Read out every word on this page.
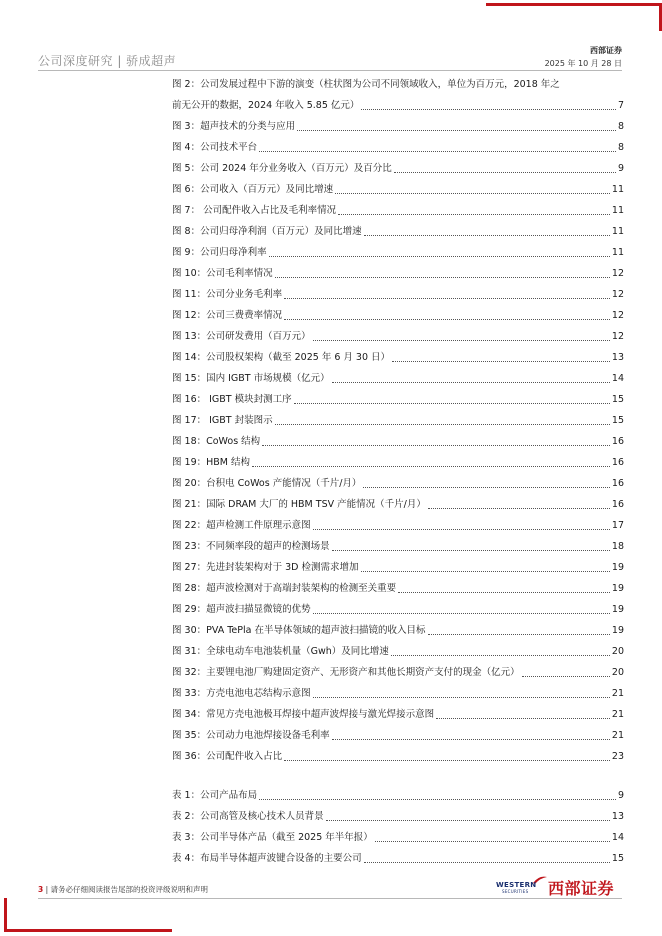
公司深度研究 | 骄成超声
西部证券
2025 年 10 月 28 日
图 2：公司发展过程中下游的演变（柱状图为公司不同领域收入，单位为百万元，2018 年之
前无公开的数据，2024 年收入 5.85 亿元）	7
图 3：超声技术的分类与应用	8
图 4：公司技术平台	8
图 5：公司 2024 年分业务收入（百万元）及百分比	9
图 6：公司收入（百万元）及同比增速	11
图 7： 公司配件收入占比及毛利率情况	11
图 8：公司归母净利润（百万元）及同比增速	11
图 9：公司归母净利率	11
图 10：公司毛利率情况	12
图 11：公司分业务毛利率	12
图 12：公司三费费率情况	12
图 13：公司研发费用（百万元）	12
图 14：公司股权架构（截至 2025 年 6 月 30 日）	13
图 15：国内 IGBT 市场规模（亿元）	14
图 16： IGBT 模块封测工序	15
图 17： IGBT 封装图示	15
图 18：CoWos 结构	16
图 19：HBM 结构	16
图 20：台积电 CoWos 产能情况（千片/月）	16
图 21：国际 DRAM 大厂的 HBM TSV 产能情况（千片/月）	16
图 22：超声检测工件原理示意图	17
图 23：不同频率段的超声的检测场景	18
图 27：先进封装架构对于 3D 检测需求增加	19
图 28：超声波检测对于高端封装架构的检测至关重要	19
图 29：超声波扫描显微镜的优势	19
图 30：PVA TePla 在半导体领域的超声波扫描镜的收入目标	19
图 31：全球电动车电池装机量（Gwh）及同比增速	20
图 32：主要锂电池厂购建固定资产、无形资产和其他长期资产支付的现金（亿元）	20
图 33：方壳电池电芯结构示意图	21
图 34：常见方壳电池极耳焊接中超声波焊接与激光焊接示意图	21
图 35：公司动力电池焊接设备毛利率	21
图 36：公司配件收入占比	23
表 1：公司产品布局	9
表 2：公司高管及核心技术人员背景	13
表 3：公司半导体产品（截至 2025 年半年报）	14
表 4：布局半导体超声波键合设备的主要公司	15
3 | 请务必仔细阅读报告尾部的投资评级说明和声明	WESTERN
SECURITIES 西部证券
